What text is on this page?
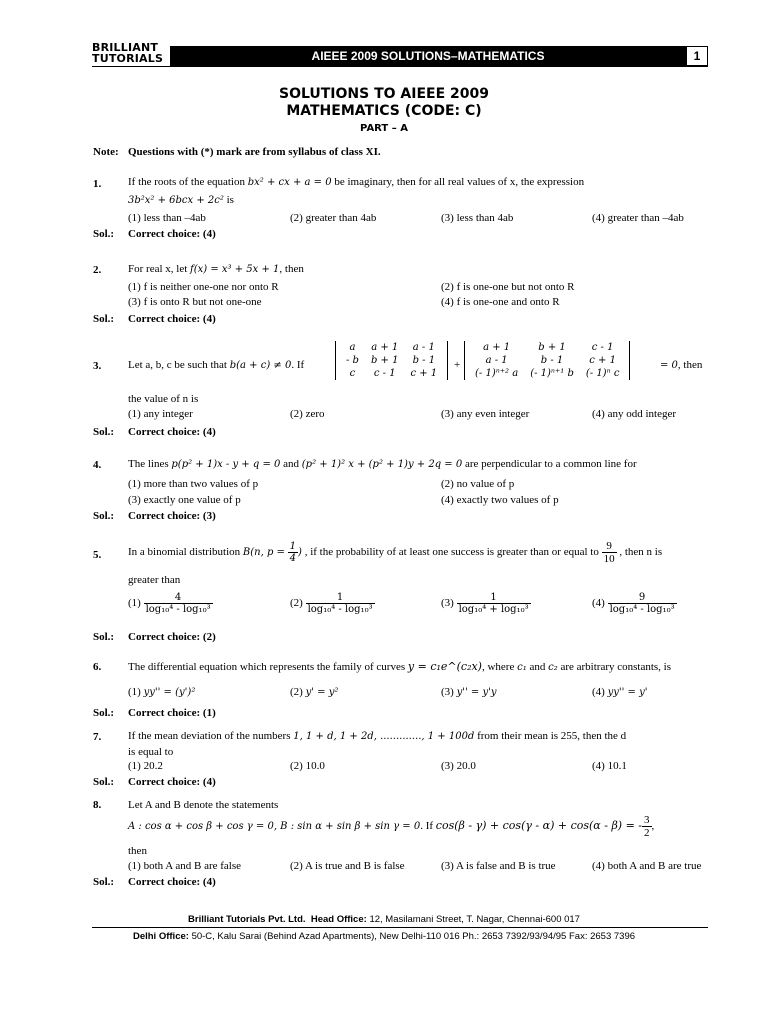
BRILLIANT
TUTORIALS	AIEEE 2009 SOLUTIONS–MATHEMATICS	1
SOLUTIONS TO AIEEE 2009
MATHEMATICS (CODE: C)
PART – A
Note: Questions with (*) mark are from syllabus of class XI.
1. If the roots of the equation bx² + cx + a = 0 be imaginary, then for all real values of x, the expression
3b²x² + 6bcx + 2c² is
(1) less than –4ab	(2) greater than 4ab	(3) less than 4ab	(4) greater than –4ab
Sol.: Correct choice: (4)
2. For real x, let f(x) = x³ + 5x + 1, then
(1) f is neither one-one nor onto R	(2) f is one-one but not onto R
(3) f is onto R but not one-one	(4) f is one-one and onto R
Sol.: Correct choice: (4)
3. Let a, b, c be such that b(a + c) ≠ 0. If
a	a + 1	a - 1
- b	b + 1	b - 1
c	c - 1	c + 1
+
a + 1	b + 1	c - 1
a - 1	b - 1	c + 1
(- 1)ⁿ⁺² a	(- 1)ⁿ⁺¹ b	(- 1)ⁿ c
= 0, then
the value of n is
(1) any integer	(2) zero	(3) any even integer	(4) any odd integer
Sol.: Correct choice: (4)
4. The lines p(p² + 1)x - y + q = 0 and (p² + 1)² x + (p² + 1)y + 2q = 0 are perpendicular to a common line for
(1) more than two values of p	(2) no value of p
(3) exactly one value of p	(4) exactly two values of p
Sol.: Correct choice: (3)
5. In a binomial distribution B(n, $p = \frac{1}{4}$ ) , if the probability of at least one success is greater than or equal to $\frac{9}{10}$ , then n is
greater than
$(1) \frac{4}{\text{log₁₀⁴ - log₁₀³}}$	$(2) \frac{1}{\text{log₁₀⁴ - log₁₀³}}$	$(3) \frac{1}{\text{log₁₀⁴ + log₁₀³}}$	$(4) \frac{9}{\text{log₁₀⁴ - log₁₀³}}$
Sol.: Correct choice: (2)
6. The differential equation which represents the family of curves y = c₁e^(c₂x), where c₁ and c₂ are arbitrary constants, is
(1) yy'' = (y')²	(2) y' = y²	(3) y'' = y'y	(4) yy'' = y'
Sol.: Correct choice: (1)
7. If the mean deviation of the numbers 1, 1 + d, 1 + 2d, ............., 1 + 100d from their mean is 255, then the d
is equal to
(1) 20.2	(2) 10.0	(3) 20.0	(4) 10.1
Sol.: Correct choice: (4)
8. Let A and B denote the statements
A : cos α + cos β + cos γ = 0, B : sin α + sin β + sin γ = 0. If cos(β - γ) + cos(γ - α) + cos(α - β) = - $\frac{3}{2}$ ,
then
(1) both A and B are false	(2) A is true and B is false	(3) A is false and B is true	(4) both A and B are true
Sol.: Correct choice: (4)
Brilliant Tutorials Pvt. Ltd. Head Office: 12, Masilamani Street, T. Nagar, Chennai-600 017
Delhi Office: 50-C, Kalu Sarai (Behind Azad Apartments), New Delhi-110 016 Ph.: 2653 7392/93/94/95 Fax: 2653 7396
